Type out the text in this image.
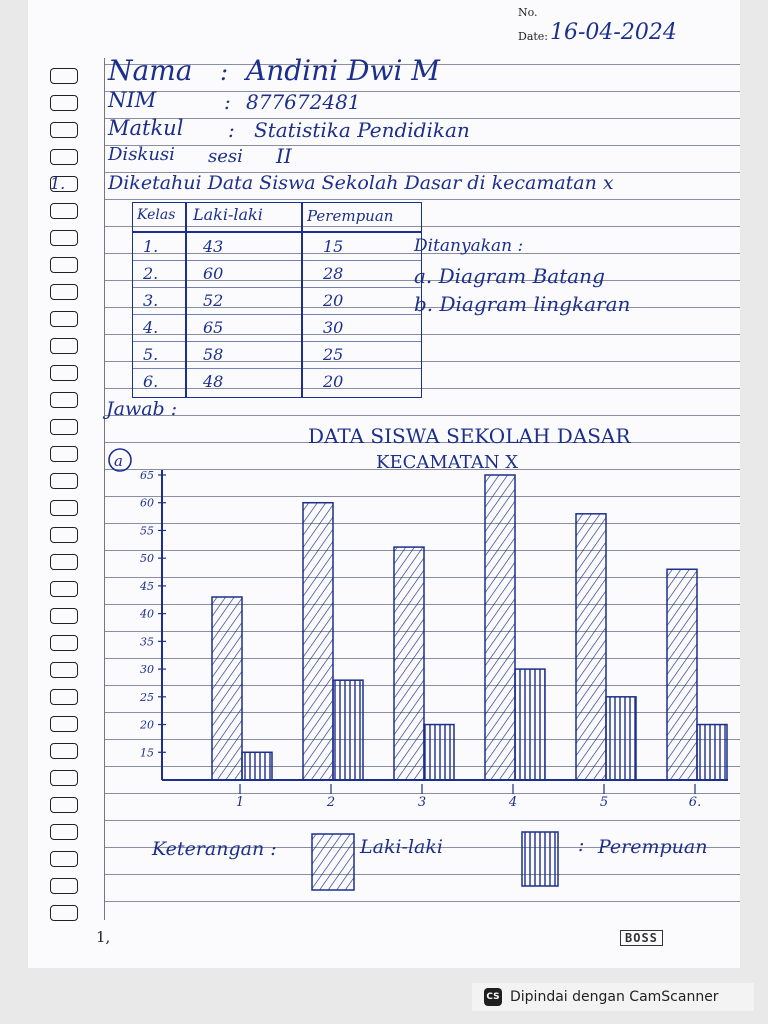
No.
Date: 16-04-2024
Nama : Andini Dwi M
NIM	: 877672481
Matkul : Statistika Pendidikan
Diskusi sesi II
1. Diketahui Data Siswa Sekolah Dasar di kecamatan x
Kelas Laki-laki	Perempuan
1.	43	15
2.	60	28
3.	52	20
4.	65	30
5.	58	25
6.	48	20
Ditanyakan :
a. Diagram Batang
b. Diagram lingkaran
Jawab :
DATA SISWA SEKOLAH DASAR
KECAMATAN X
a
15
20
25
30
35
40
45
50
55
60
65
1	2	3	4	5	6.
Keterangan :	Laki-laki	: Perempuan
1,	BOSS
CS Dipindai dengan CamScanner
